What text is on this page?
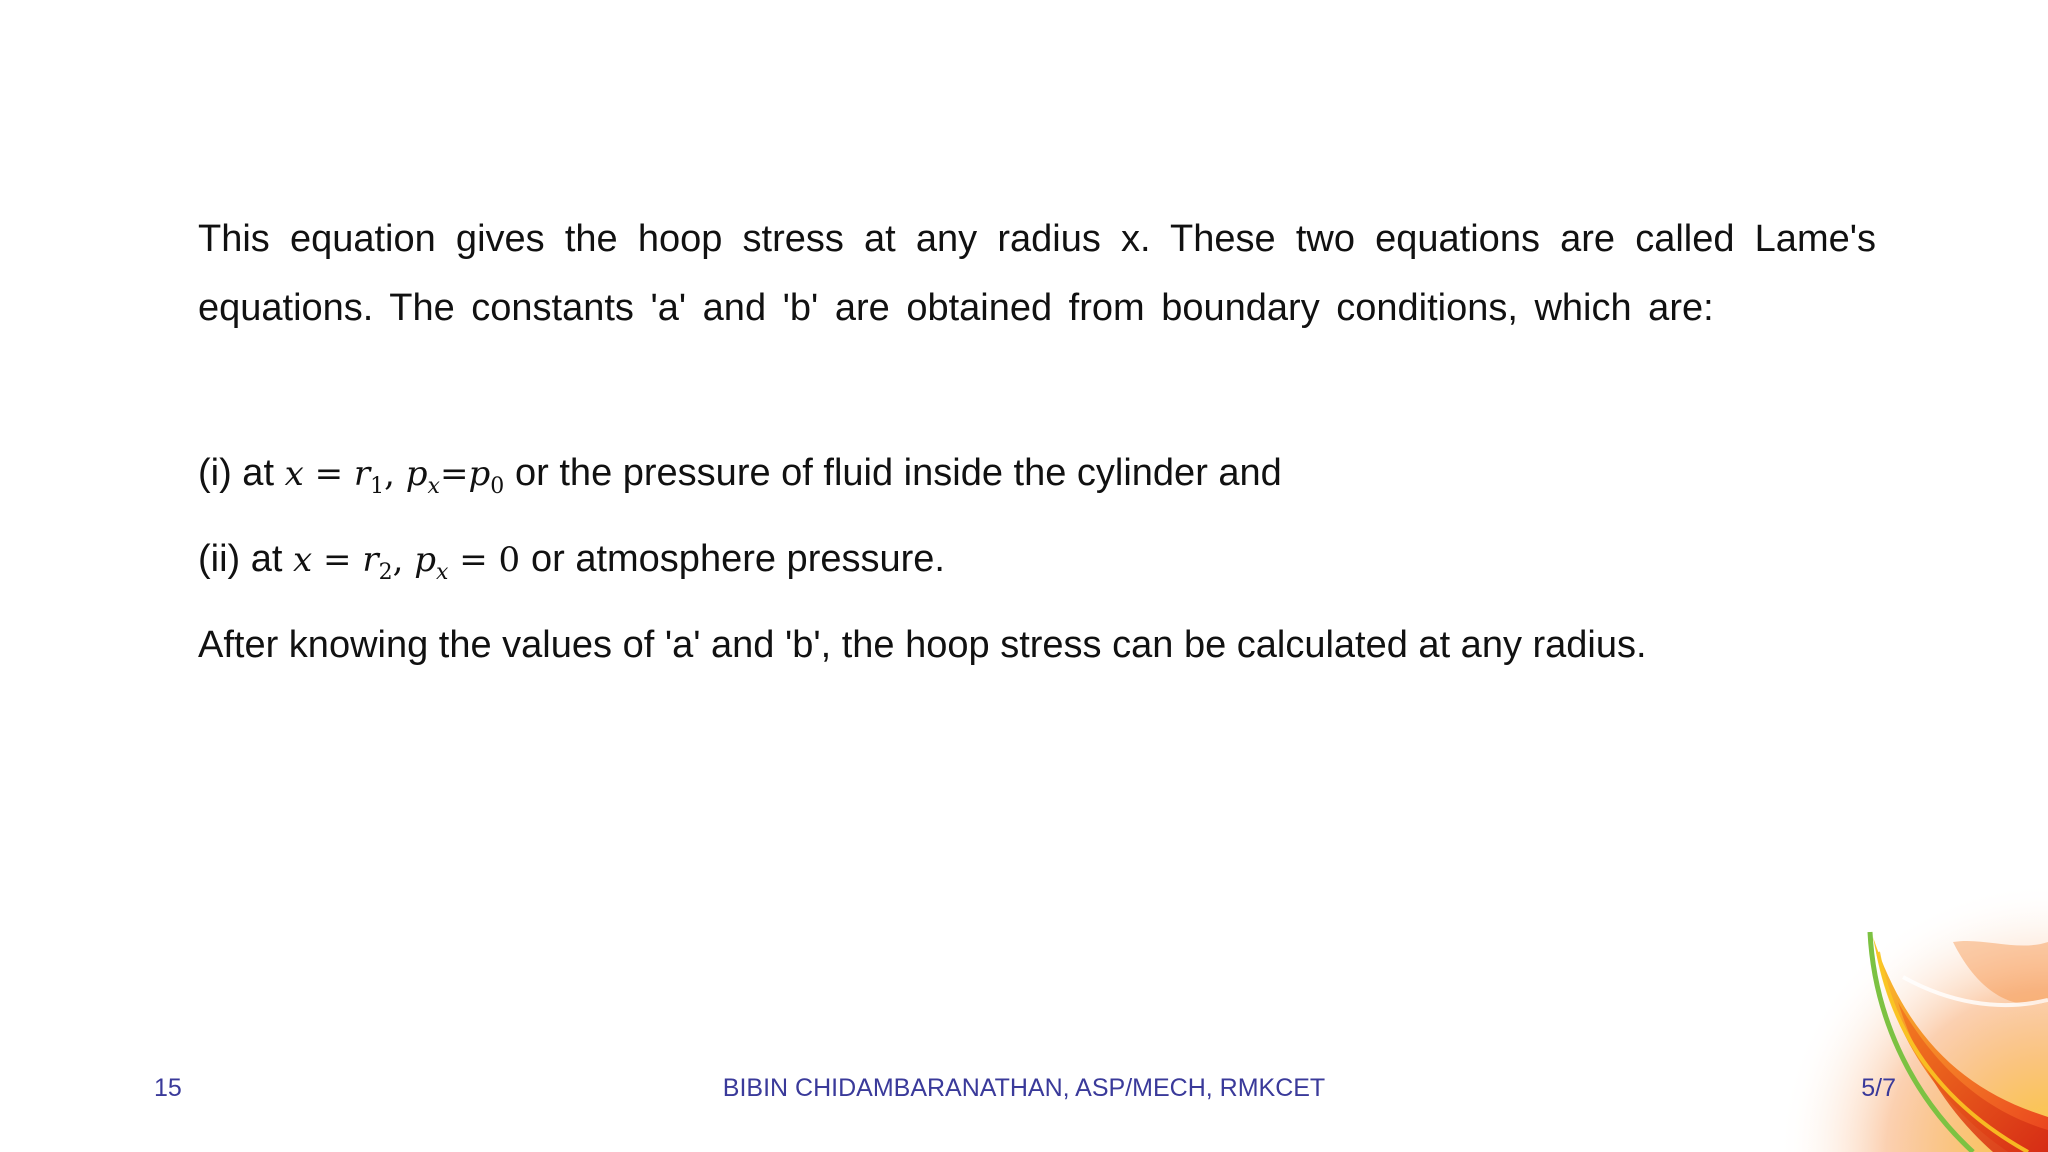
This equation gives the hoop stress at any radius x. These two equations are called Lame's equations. The constants 'a' and 'b' are obtained from boundary conditions, which are:
(i) at $x = r_1$, $p_x=p_0$ or the pressure of fluid inside the cylinder and
(ii) at $x = r_2$, $p_x = 0$ or atmosphere pressure.
After knowing the values of 'a' and 'b', the hoop stress can be calculated at any radius.
15	BIBIN CHIDAMBARANATHAN, ASP/MECH, RMKCET	5/7
